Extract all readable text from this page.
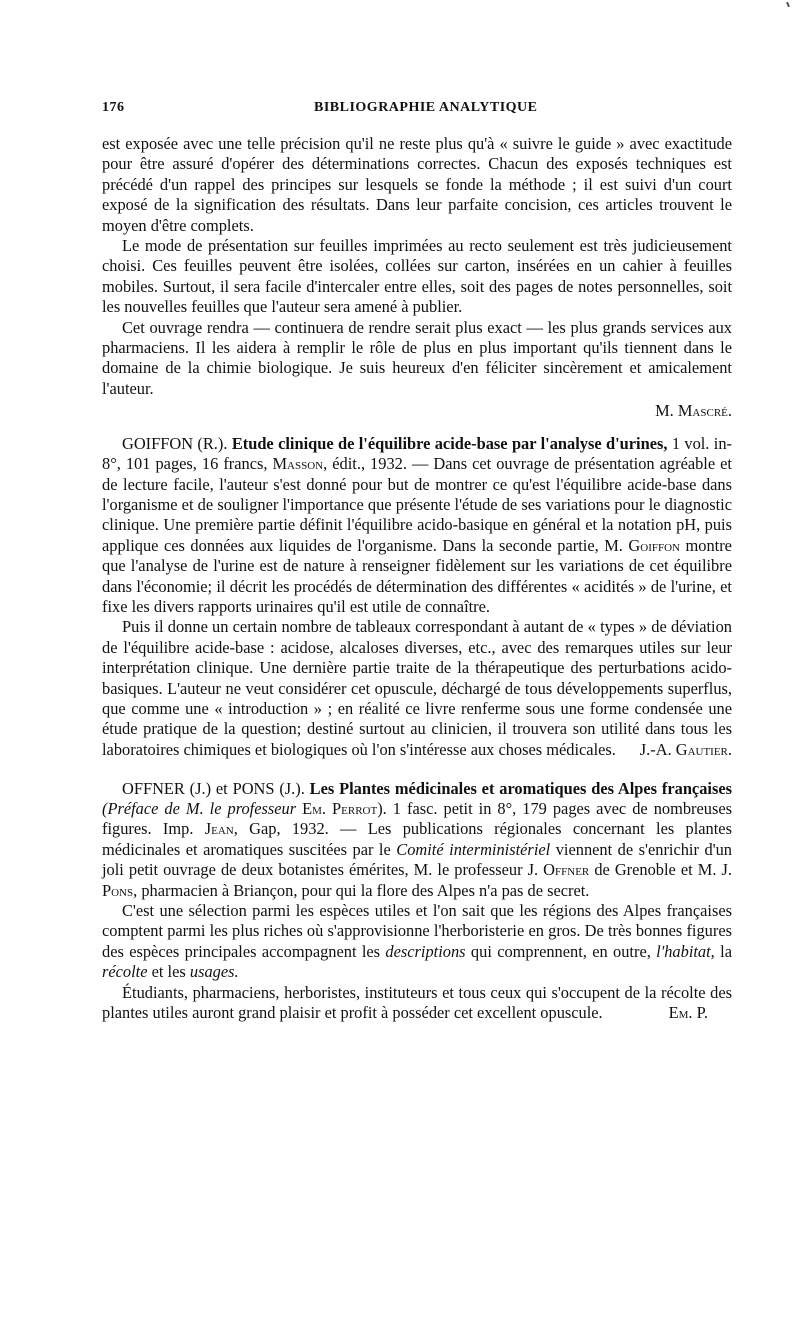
176	BIBLIOGRAPHIE ANALYTIQUE

est exposée avec une telle précision qu'il ne reste plus qu'à « suivre le guide » avec exactitude pour être assuré d'opérer des déterminations correctes. Chacun des exposés techniques est précédé d'un rappel des principes sur lesquels se fonde la méthode ; il est suivi d'un court exposé de la signification des résultats. Dans leur parfaite concision, ces articles trouvent le moyen d'être complets.

Le mode de présentation sur feuilles imprimées au recto seulement est très judicieusement choisi. Ces feuilles peuvent être isolées, collées sur carton, insérées en un cahier à feuilles mobiles. Surtout, il sera facile d'intercaler entre elles, soit des pages de notes personnelles, soit les nouvelles feuilles que l'auteur sera amené à publier.

Cet ouvrage rendra — continuera de rendre serait plus exact — les plus grands services aux pharmaciens. Il les aidera à remplir le rôle de plus en plus important qu'ils tiennent dans le domaine de la chimie biologique. Je suis heureux d'en féliciter sincèrement et amicalement l'auteur.

M. Mascré.

GOIFFON (R.). Etude clinique de l'équilibre acide-base par l'analyse d'urines, 1 vol. in-8°, 101 pages, 16 francs, Masson, édit., 1932. — Dans cet ouvrage de présentation agréable et de lecture facile, l'auteur s'est donné pour but de montrer ce qu'est l'équilibre acide-base dans l'organisme et de souligner l'importance que présente l'étude de ses variations pour le diagnostic clinique. Une première partie définit l'équilibre acido-basique en général et la notation pH, puis applique ces données aux liquides de l'organisme. Dans la seconde partie, M. Goiffon montre que l'analyse de l'urine est de nature à renseigner fidèlement sur les variations de cet équilibre dans l'économie; il décrit les procédés de détermination des différentes « acidités » de l'urine, et fixe les divers rapports urinaires qu'il est utile de connaître.

Puis il donne un certain nombre de tableaux correspondant à autant de « types » de déviation de l'équilibre acide-base : acidose, alcaloses diverses, etc., avec des remarques utiles sur leur interprétation clinique. Une dernière partie traite de la thérapeutique des perturbations acido-basiques. L'auteur ne veut considérer cet opuscule, déchargé de tous développements superflus, que comme une « introduction » ; en réalité ce livre renferme sous une forme condensée une étude pratique de la question; destiné surtout au clinicien, il trouvera son utilité dans tous les laboratoires chimiques et biologiques où l'on s'intéresse aux choses médicales.	J.-A. Gautier.

OFFNER (J.) et PONS (J.). Les Plantes médicinales et aromatiques des Alpes françaises (Préface de M. le professeur Em. Perrot). 1 fasc. petit in 8°, 179 pages avec de nombreuses figures. Imp. Jean, Gap, 1932. — Les publications régionales concernant les plantes médicinales et aromatiques suscitées par le Comité interministériel viennent de s'enrichir d'un joli petit ouvrage de deux botanistes émérites, M. le professeur J. Offner de Grenoble et M. J. Pons, pharmacien à Briançon, pour qui la flore des Alpes n'a pas de secret.

C'est une sélection parmi les espèces utiles et l'on sait que les régions des Alpes françaises comptent parmi les plus riches où s'approvisionne l'herboristerie en gros. De très bonnes figures des espèces principales accompagnent les descriptions qui comprennent, en outre, l'habitat, la récolte et les usages.

Étudiants, pharmaciens, herboristes, instituteurs et tous ceux qui s'occupent de la récolte des plantes utiles auront grand plaisir et profit à posséder cet excellent opuscule.	Em. P.
